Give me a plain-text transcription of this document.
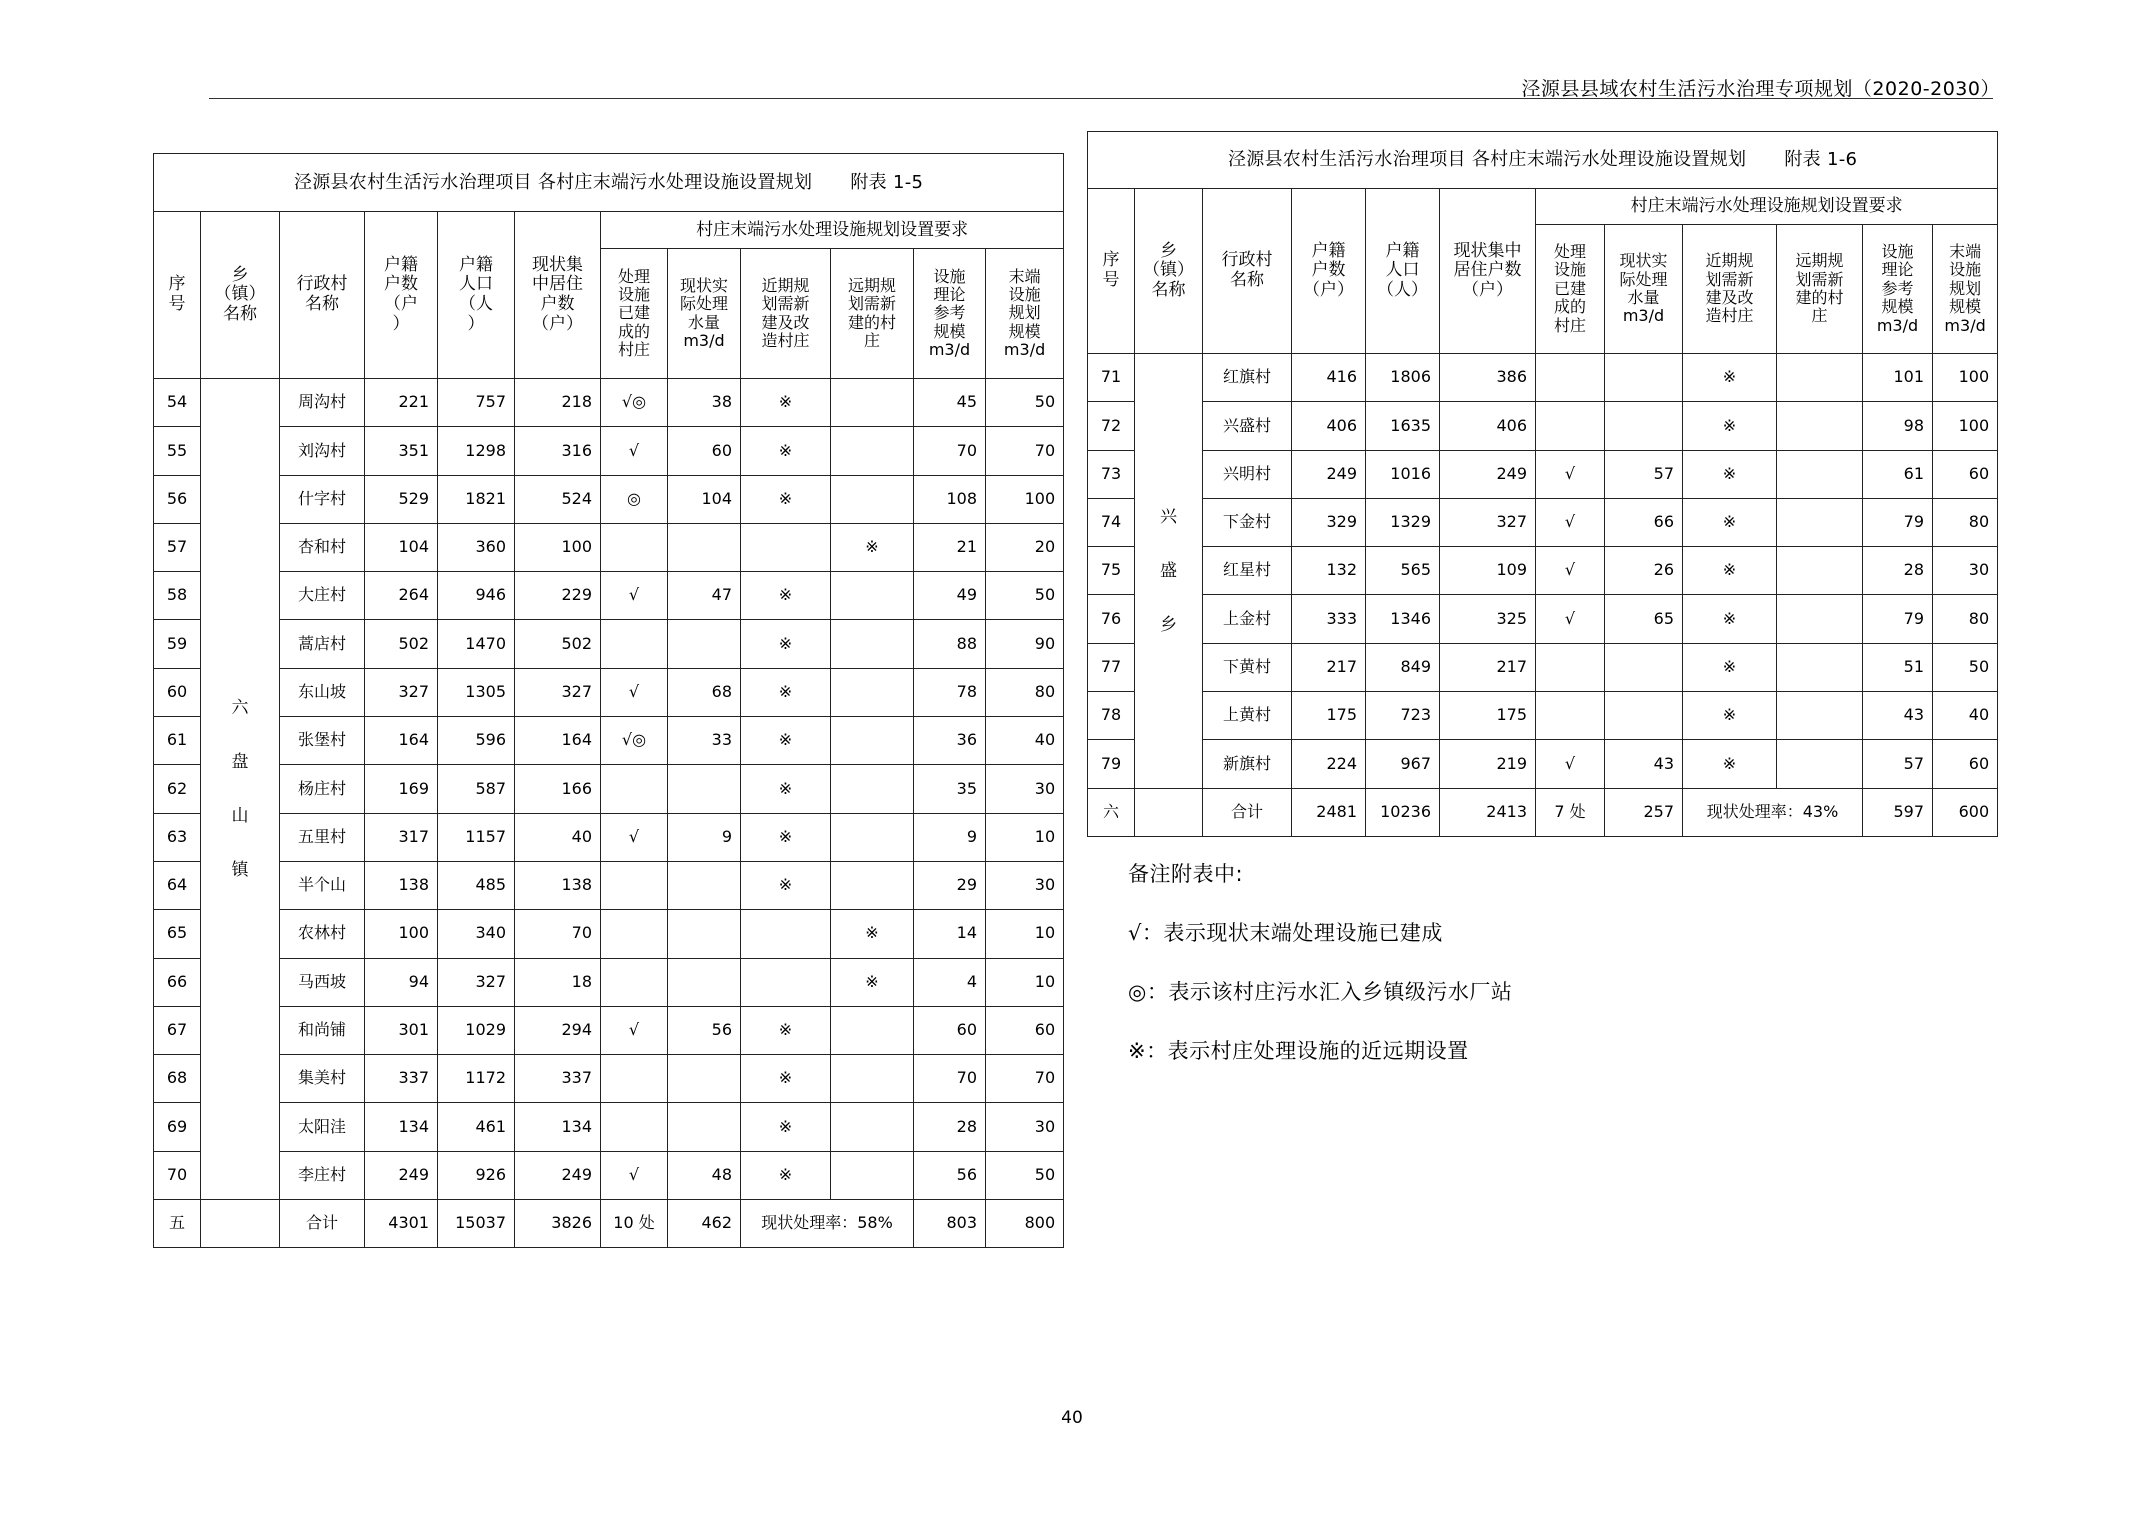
泾源县县域农村生活污水治理专项规划（2020-2030）
泾源县农村生活污水治理项目 各村庄末端污水处理设施设置规划 附表 1-5											
序
号	乡
（镇）
名称	行政村
名称	户籍
户数
（户
）	户籍
人口
（人
）	现状集
中居住
户数
（户）	村庄末端污水处理设施规划设置要求					
						处理
设施
已建
成的
村庄	现状实
际处理
水量
m3/d	近期规
划需新
建及改
造村庄	远期规
划需新
建的村
庄	设施
理论
参考
规模
m3/d	末端
设施
规划
规模
m3/d
54	六
盘
山
镇	周沟村	221	757	218	√◎	38	※		45	50
55		刘沟村	351	1298	316	√	60	※		70	70
56		什字村	529	1821	524	◎	104	※		108	100
57		杏和村	104	360	100				※	21	20
58		大庄村	264	946	229	√	47	※		49	50
59		蒿店村	502	1470	502			※		88	90
60		东山坡	327	1305	327	√	68	※		78	80
61		张堡村	164	596	164	√◎	33	※		36	40
62		杨庄村	169	587	166			※		35	30
63		五里村	317	1157	40	√	9	※		9	10
64		半个山	138	485	138			※		29	30
65		农林村	100	340	70				※	14	10
66		马西坡	94	327	18				※	4	10
67		和尚铺	301	1029	294	√	56	※		60	60
68		集美村	337	1172	337			※		70	70
69		太阳洼	134	461	134			※		28	30
70		李庄村	249	926	249	√	48	※		56	50
五		合计	4301	15037	3826	10 处	462	现状处理率：58%		803	800
泾源县农村生活污水治理项目 各村庄末端污水处理设施设置规划 附表 1-6											
序
号	乡
（镇）
名称	行政村
名称	户籍
户数
（户）	户籍
人口
（人）	现状集中
居住户数
（户）	村庄末端污水处理设施规划设置要求					
						处理
设施
已建
成的
村庄	现状实
际处理
水量
m3/d	近期规
划需新
建及改
造村庄	远期规
划需新
建的村
庄	设施
理论
参考
规模
m3/d	末端
设施
规划
规模
m3/d
71	兴
盛
乡	红旗村	416	1806	386			※		101	100
72		兴盛村	406	1635	406			※		98	100
73		兴明村	249	1016	249	√	57	※		61	60
74		下金村	329	1329	327	√	66	※		79	80
75		红星村	132	565	109	√	26	※		28	30
76		上金村	333	1346	325	√	65	※		79	80
77		下黄村	217	849	217			※		51	50
78		上黄村	175	723	175			※		43	40
79		新旗村	224	967	219	√	43	※		57	60
六		合计	2481	10236	2413	7 处	257	现状处理率：43%		597	600
备注附表中:
√：表示现状末端处理设施已建成
◎：表示该村庄污水汇入乡镇级污水厂站
※：表示村庄处理设施的近远期设置
40
